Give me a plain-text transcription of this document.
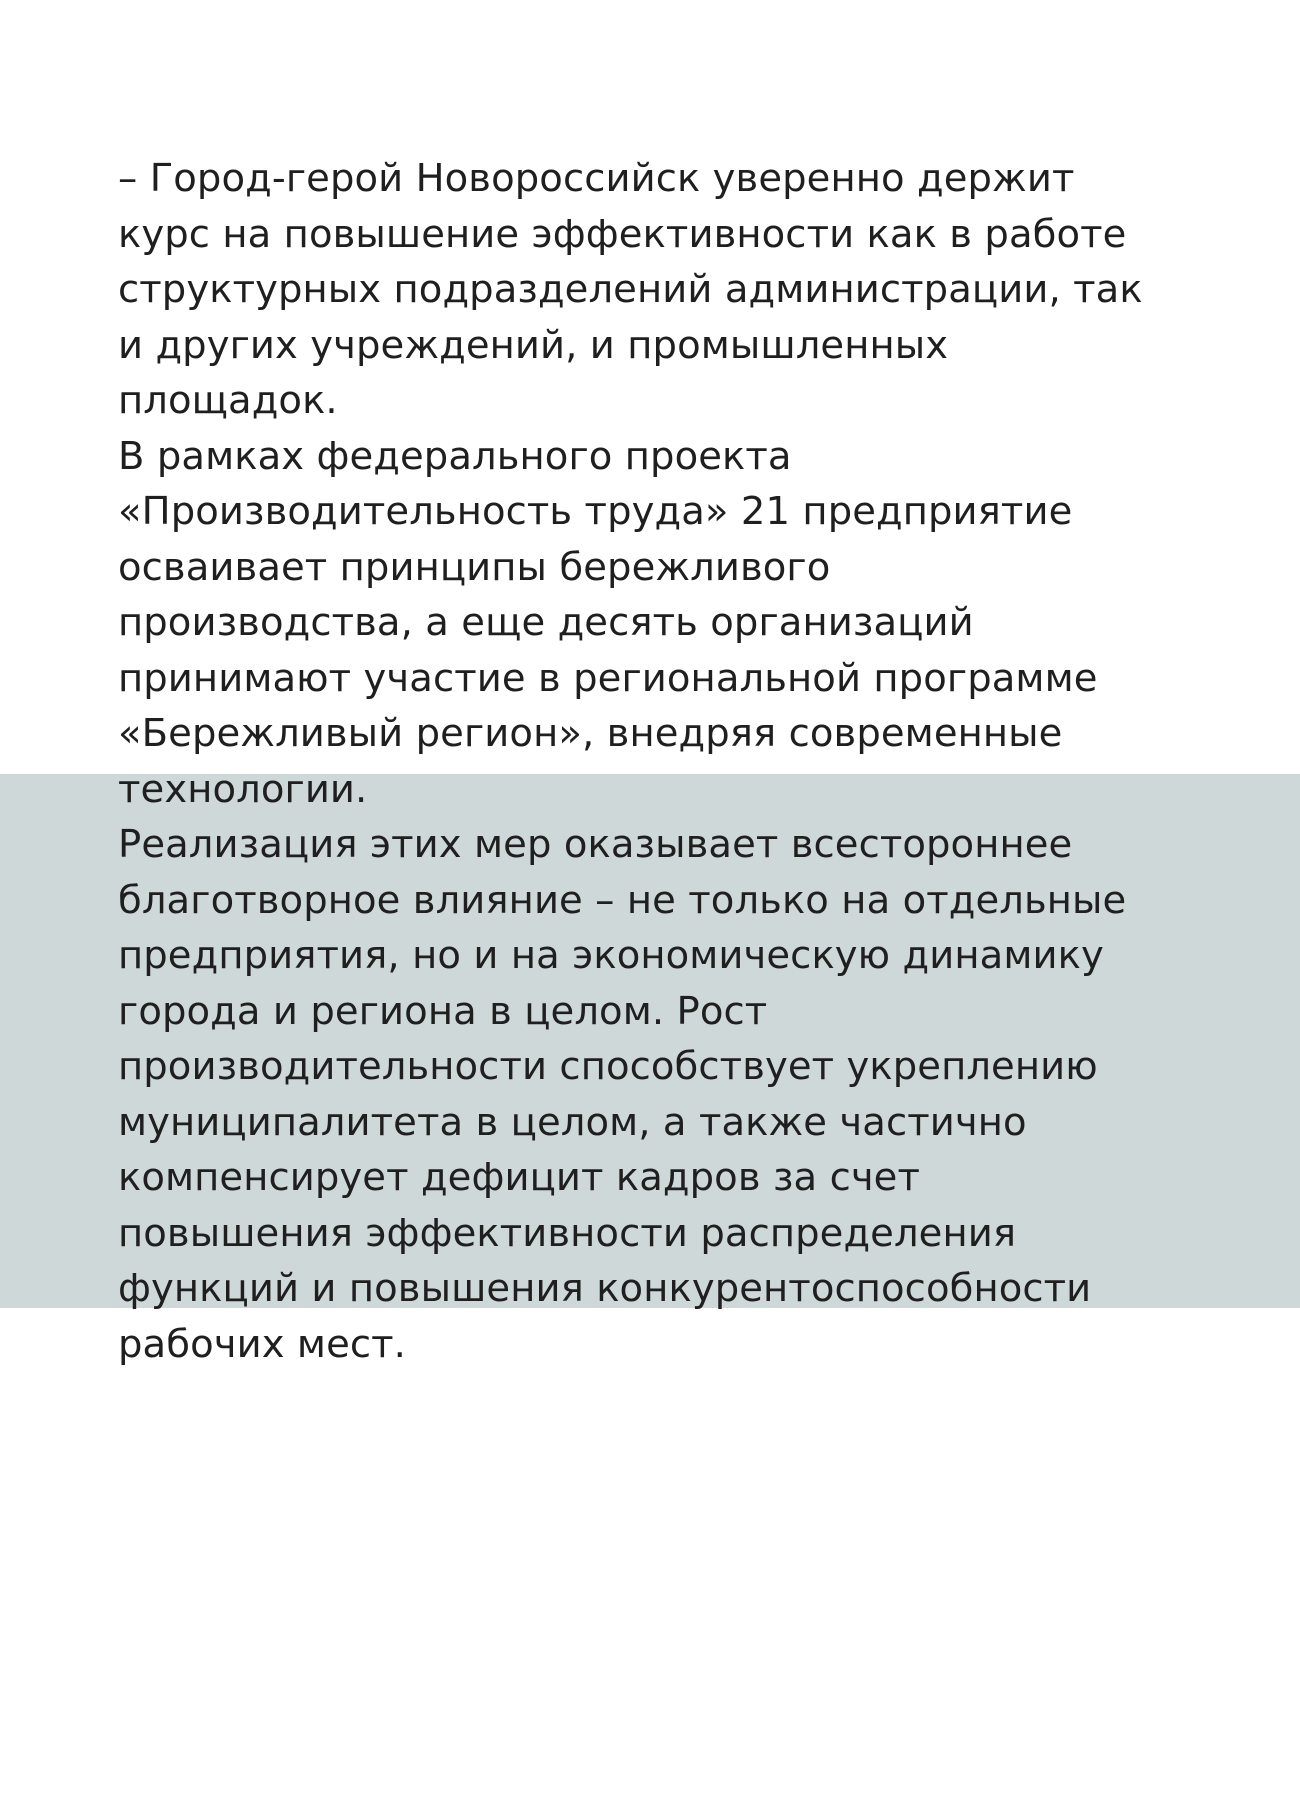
– Город-герой Новороссийск уверенно держит
курс на повышение эффективности как в работе
структурных подразделений администрации, так
и других учреждений, и промышленных
площадок.
В рамках федерального проекта
«Производительность труда» 21 предприятие
осваивает принципы бережливого
производства, а еще десять организаций
принимают участие в региональной программе
«Бережливый регион», внедряя современные
технологии.
Реализация этих мер оказывает всестороннее
благотворное влияние – не только на отдельные
предприятия, но и на экономическую динамику
города и региона в целом. Рост
производительности способствует укреплению
муниципалитета в целом, а также частично
компенсирует дефицит кадров за счет
повышения эффективности распределения
функций и повышения конкурентоспособности
рабочих мест.
